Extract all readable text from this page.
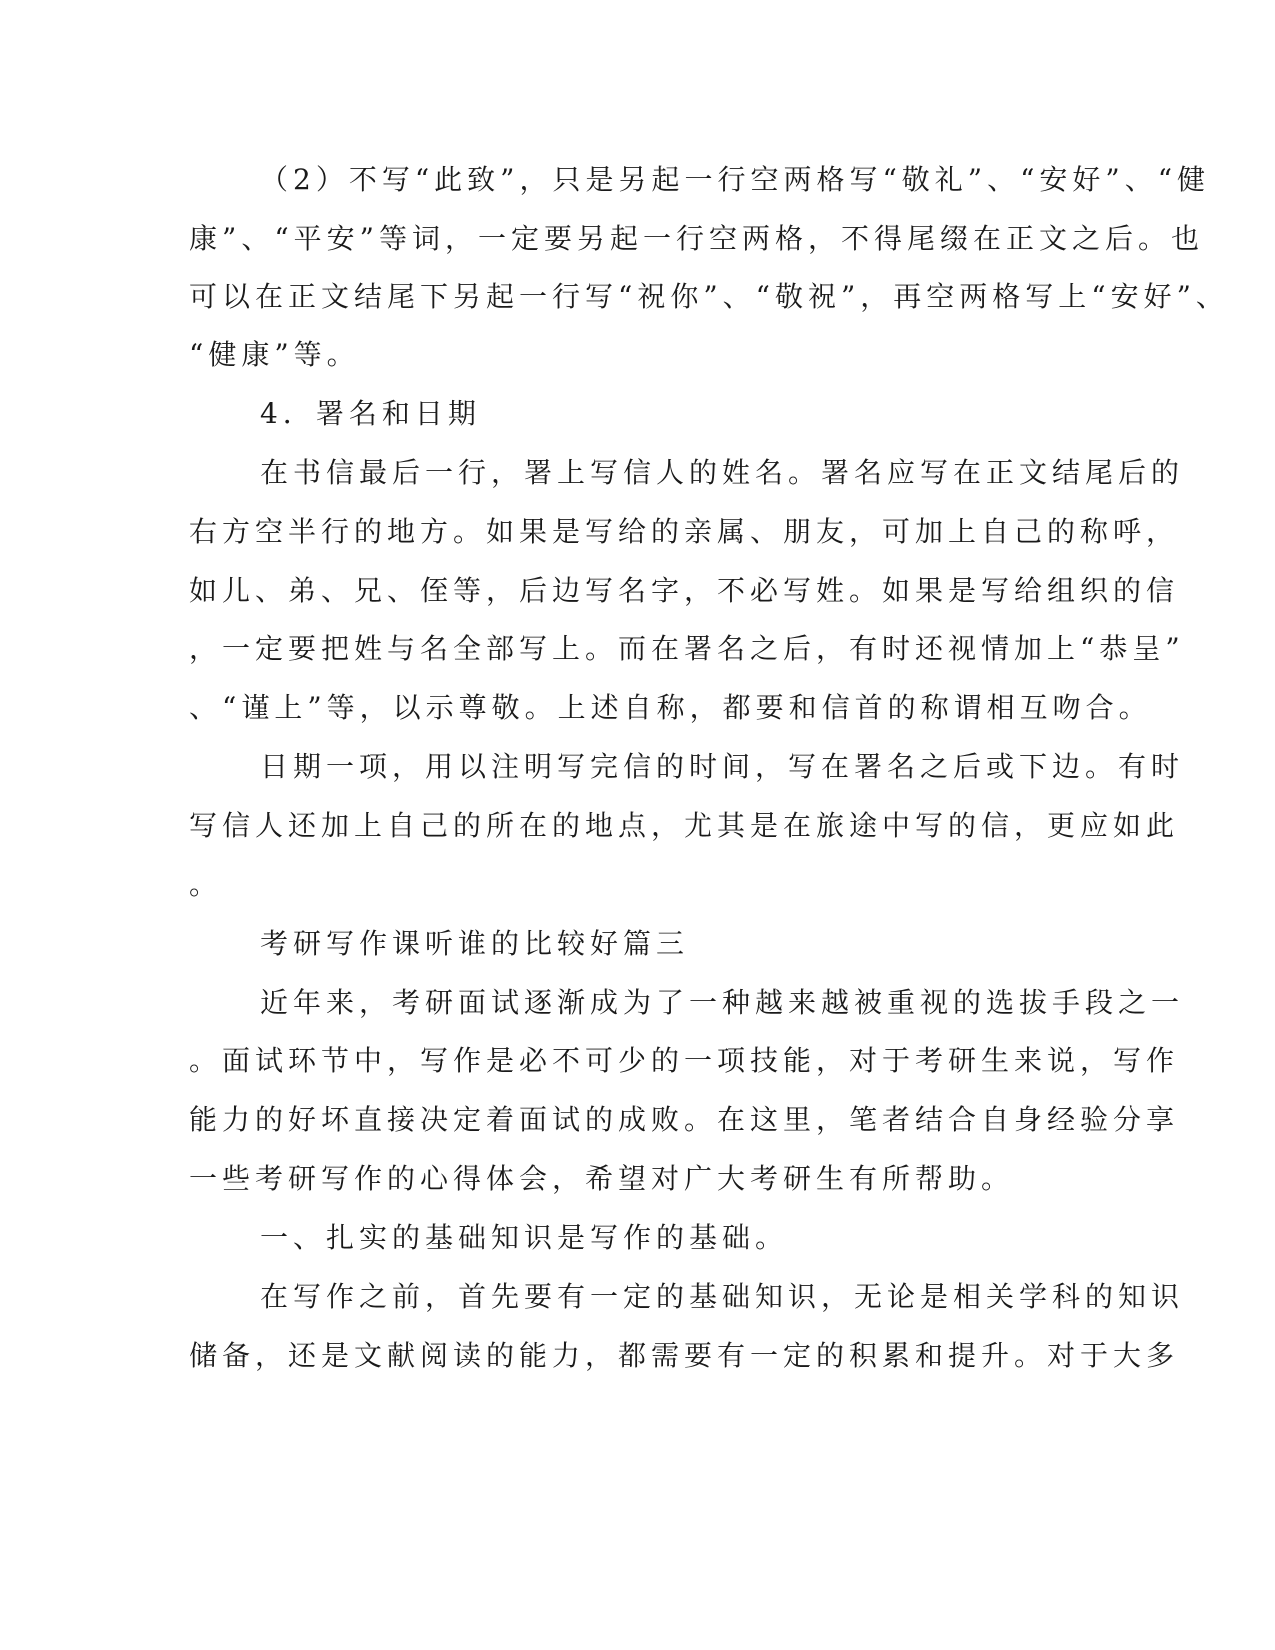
（2）不写“此致”，只是另起一行空两格写“敬礼”、“安好”、“健
康”、“平安”等词，一定要另起一行空两格，不得尾缀在正文之后。也
可以在正文结尾下另起一行写“祝你”、“敬祝”，再空两格写上“安好”、
“健康”等。
4．署名和日期
在书信最后一行，署上写信人的姓名。署名应写在正文结尾后的
右方空半行的地方。如果是写给的亲属、朋友，可加上自己的称呼，
如儿、弟、兄、侄等，后边写名字，不必写姓。如果是写给组织的信
，一定要把姓与名全部写上。而在署名之后，有时还视情加上“恭呈”
、“谨上”等，以示尊敬。上述自称，都要和信首的称谓相互吻合。
日期一项，用以注明写完信的时间，写在署名之后或下边。有时
写信人还加上自己的所在的地点，尤其是在旅途中写的信，更应如此
。
考研写作课听谁的比较好篇三
近年来，考研面试逐渐成为了一种越来越被重视的选拔手段之一
。面试环节中，写作是必不可少的一项技能，对于考研生来说，写作
能力的好坏直接决定着面试的成败。在这里，笔者结合自身经验分享
一些考研写作的心得体会，希望对广大考研生有所帮助。
一、扎实的基础知识是写作的基础。
在写作之前，首先要有一定的基础知识，无论是相关学科的知识
储备，还是文献阅读的能力，都需要有一定的积累和提升。对于大多
